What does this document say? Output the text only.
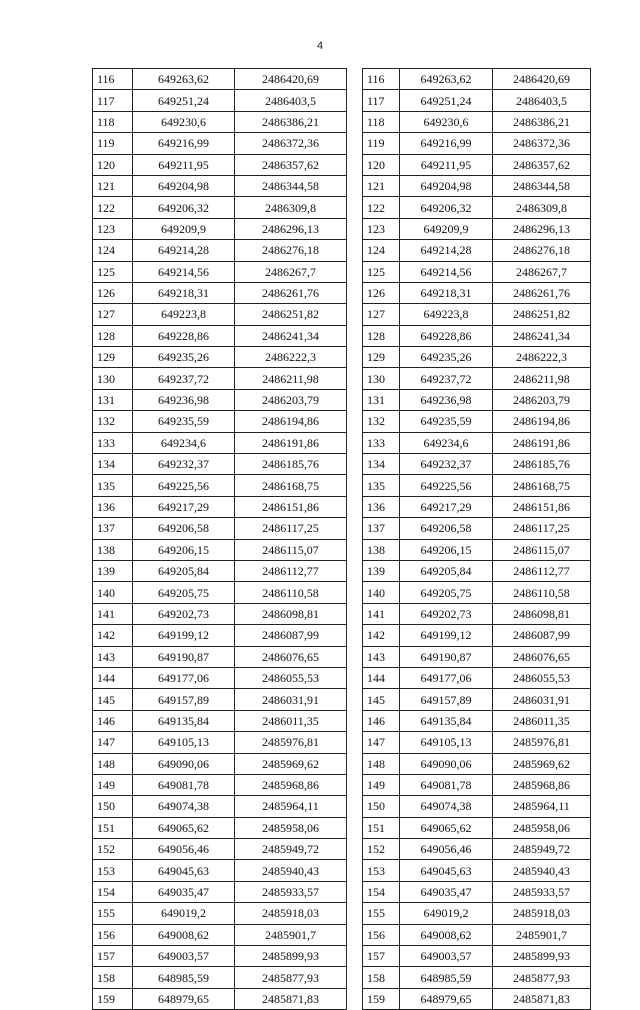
4
116	649263,62	2486420,69
117	649251,24	2486403,5
118	649230,6	2486386,21
119	649216,99	2486372,36
120	649211,95	2486357,62
121	649204,98	2486344,58
122	649206,32	2486309,8
123	649209,9	2486296,13
124	649214,28	2486276,18
125	649214,56	2486267,7
126	649218,31	2486261,76
127	649223,8	2486251,82
128	649228,86	2486241,34
129	649235,26	2486222,3
130	649237,72	2486211,98
131	649236,98	2486203,79
132	649235,59	2486194,86
133	649234,6	2486191,86
134	649232,37	2486185,76
135	649225,56	2486168,75
136	649217,29	2486151,86
137	649206,58	2486117,25
138	649206,15	2486115,07
139	649205,84	2486112,77
140	649205,75	2486110,58
141	649202,73	2486098,81
142	649199,12	2486087,99
143	649190,87	2486076,65
144	649177,06	2486055,53
145	649157,89	2486031,91
146	649135,84	2486011,35
147	649105,13	2485976,81
148	649090,06	2485969,62
149	649081,78	2485968,86
150	649074,38	2485964,11
151	649065,62	2485958,06
152	649056,46	2485949,72
153	649045,63	2485940,43
154	649035,47	2485933,57
155	649019,2	2485918,03
156	649008,62	2485901,7
157	649003,57	2485899,93
158	648985,59	2485877,93
159	648979,65	2485871,83
116	649263,62	2486420,69
117	649251,24	2486403,5
118	649230,6	2486386,21
119	649216,99	2486372,36
120	649211,95	2486357,62
121	649204,98	2486344,58
122	649206,32	2486309,8
123	649209,9	2486296,13
124	649214,28	2486276,18
125	649214,56	2486267,7
126	649218,31	2486261,76
127	649223,8	2486251,82
128	649228,86	2486241,34
129	649235,26	2486222,3
130	649237,72	2486211,98
131	649236,98	2486203,79
132	649235,59	2486194,86
133	649234,6	2486191,86
134	649232,37	2486185,76
135	649225,56	2486168,75
136	649217,29	2486151,86
137	649206,58	2486117,25
138	649206,15	2486115,07
139	649205,84	2486112,77
140	649205,75	2486110,58
141	649202,73	2486098,81
142	649199,12	2486087,99
143	649190,87	2486076,65
144	649177,06	2486055,53
145	649157,89	2486031,91
146	649135,84	2486011,35
147	649105,13	2485976,81
148	649090,06	2485969,62
149	649081,78	2485968,86
150	649074,38	2485964,11
151	649065,62	2485958,06
152	649056,46	2485949,72
153	649045,63	2485940,43
154	649035,47	2485933,57
155	649019,2	2485918,03
156	649008,62	2485901,7
157	649003,57	2485899,93
158	648985,59	2485877,93
159	648979,65	2485871,83
